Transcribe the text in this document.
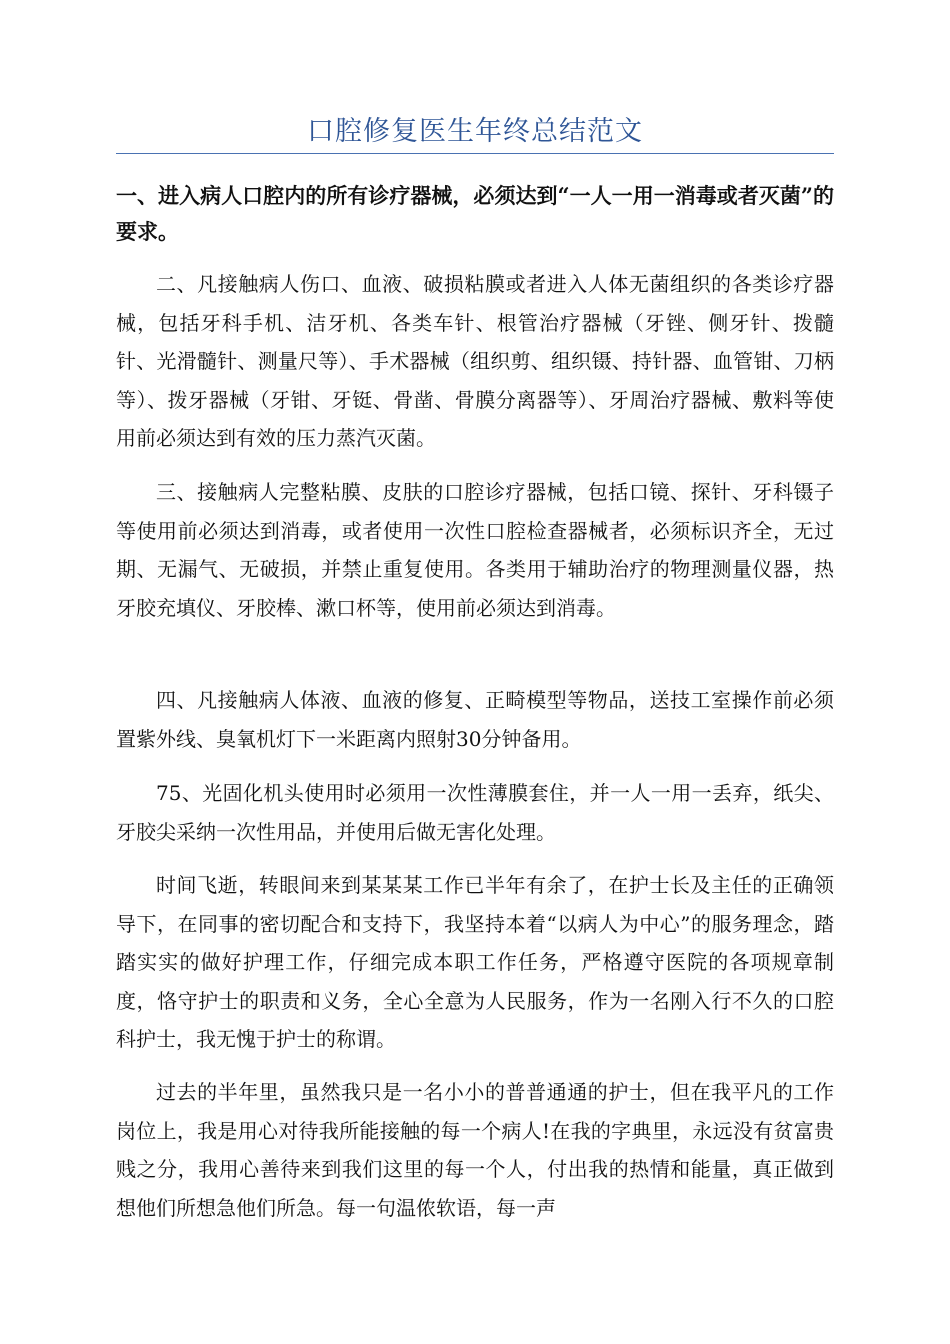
口腔修复医生年终总结范文

一、进入病人口腔内的所有诊疗器械，必须达到“一人一用一消毒或者灭菌”的要求。

二、凡接触病人伤口、血液、破损粘膜或者进入人体无菌组织的各类诊疗器械，包括牙科手机、洁牙机、各类车针、根管治疗器械（牙锉、侧牙针、拨髓针、光滑髓针、测量尺等）、手术器械（组织剪、组织镊、持针器、血管钳、刀柄等）、拨牙器械（牙钳、牙铤、骨凿、骨膜分离器等）、牙周治疗器械、敷料等使用前必须达到有效的压力蒸汽灭菌。

三、接触病人完整粘膜、皮肤的口腔诊疗器械，包括口镜、探针、牙科镊子等使用前必须达到消毒，或者使用一次性口腔检查器械者，必须标识齐全，无过期、无漏气、无破损，并禁止重复使用。各类用于辅助治疗的物理测量仪器，热牙胶充填仪、牙胶棒、漱口杯等，使用前必须达到消毒。

四、凡接触病人体液、血液的修复、正畸模型等物品，送技工室操作前必须置紫外线、臭氧机灯下一米距离内照射30分钟备用。

75、光固化机头使用时必须用一次性薄膜套住，并一人一用一丢弃，纸尖、牙胶尖采纳一次性用品，并使用后做无害化处理。

时间飞逝，转眼间来到某某某工作已半年有余了，在护士长及主任的正确领导下，在同事的密切配合和支持下，我坚持本着“以病人为中心”的服务理念，踏踏实实的做好护理工作，仔细完成本职工作任务，严格遵守医院的各项规章制度，恪守护士的职责和义务，全心全意为人民服务，作为一名刚入行不久的口腔科护士，我无愧于护士的称谓。

过去的半年里，虽然我只是一名小小的普普通通的护士，但在我平凡的工作岗位上，我是用心对待我所能接触的每一个病人!在我的字典里，永远没有贫富贵贱之分，我用心善待来到我们这里的每一个人，付出我的热情和能量，真正做到想他们所想急他们所急。每一句温侬软语，每一声
